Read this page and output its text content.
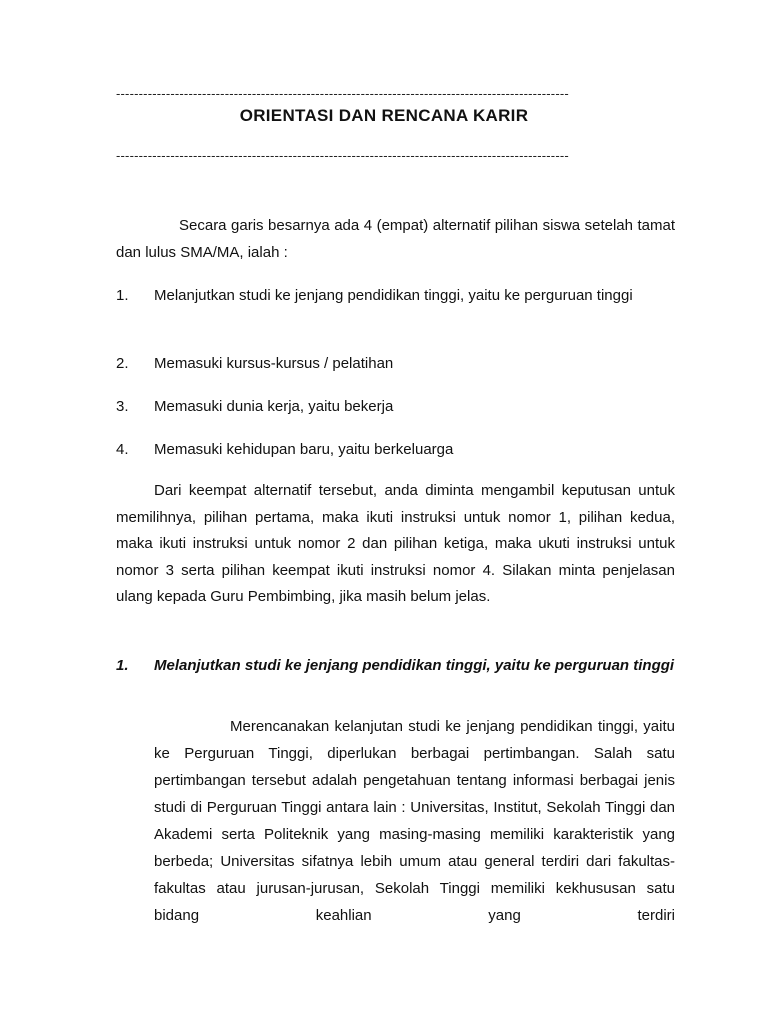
----------------------------------------------------------------------------------------------------
ORIENTASI DAN RENCANA KARIR
----------------------------------------------------------------------------------------------------
Secara garis besarnya ada 4 (empat) alternatif pilihan siswa setelah tamat dan lulus SMA/MA, ialah :
1. Melanjutkan studi ke jenjang pendidikan tinggi, yaitu ke perguruan tinggi
2. Memasuki kursus-kursus / pelatihan
3. Memasuki dunia kerja, yaitu bekerja
4. Memasuki kehidupan baru, yaitu berkeluarga
Dari keempat alternatif tersebut, anda diminta mengambil keputusan untuk memilihnya, pilihan pertama, maka ikuti instruksi untuk nomor 1, pilihan kedua, maka ikuti instruksi untuk nomor 2 dan pilihan ketiga, maka ukuti instruksi untuk nomor 3 serta pilihan keempat ikuti instruksi nomor 4. Silakan minta penjelasan ulang kepada Guru Pembimbing, jika masih belum jelas.
1. Melanjutkan studi ke jenjang pendidikan tinggi, yaitu ke perguruan tinggi
Merencanakan kelanjutan studi ke jenjang pendidikan tinggi, yaitu ke Perguruan Tinggi, diperlukan berbagai pertimbangan. Salah satu pertimbangan tersebut adalah pengetahuan tentang informasi berbagai jenis studi di Perguruan Tinggi antara lain : Universitas, Institut, Sekolah Tinggi dan Akademi serta Politeknik yang masing-masing memiliki karakteristik yang berbeda; Universitas sifatnya lebih umum atau general terdiri dari fakultas-fakultas atau jurusan-jurusan, Sekolah Tinggi memiliki kekhususan satu bidang keahlian yang terdiri
